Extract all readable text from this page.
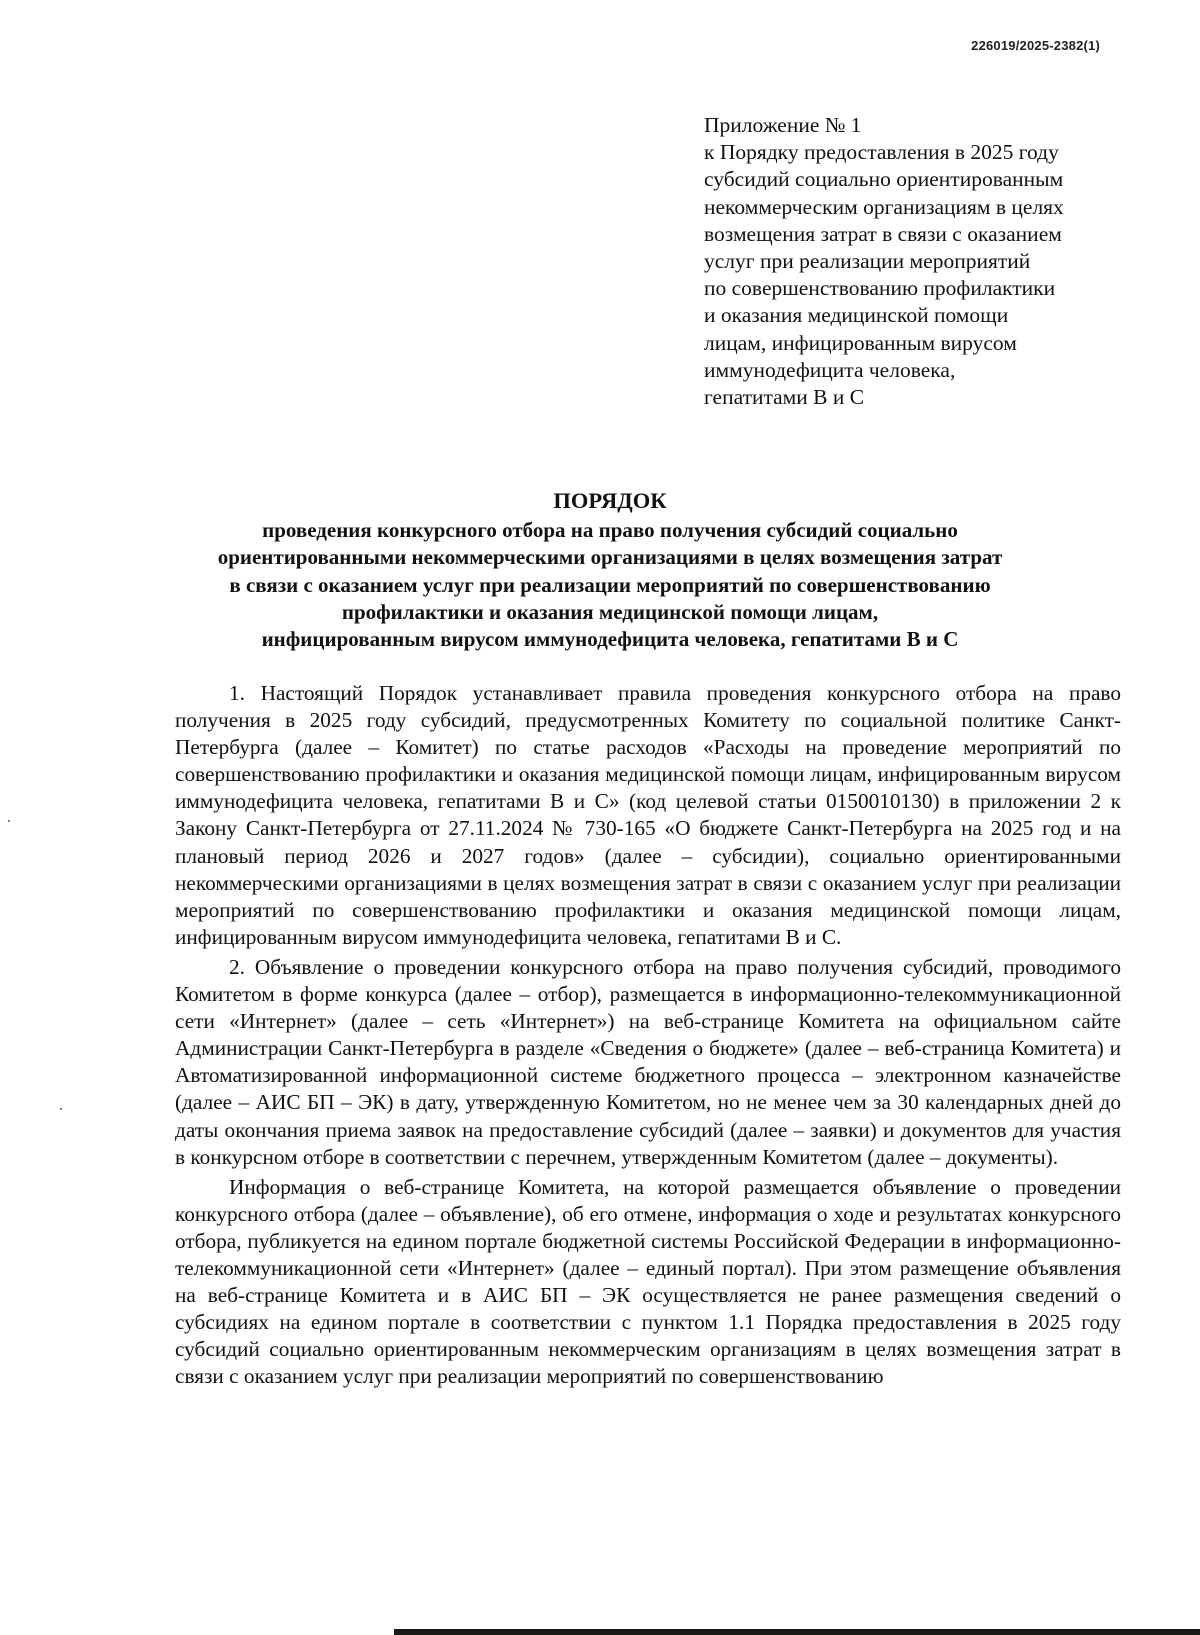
226019/2025-2382(1)
Приложение № 1
к Порядку предоставления в 2025 году
субсидий социально ориентированным
некоммерческим организациям в целях
возмещения затрат в связи с оказанием
услуг при реализации мероприятий
по совершенствованию профилактики
и оказания медицинской помощи
лицам, инфицированным вирусом
иммунодефицита человека,
гепатитами В и С
ПОРЯДОК
проведения конкурсного отбора на право получения субсидий социально
ориентированными некоммерческими организациями в целях возмещения затрат
в связи с оказанием услуг при реализации мероприятий по совершенствованию
профилактики и оказания медицинской помощи лицам,
инфицированным вирусом иммунодефицита человека, гепатитами В и С

1. Настоящий Порядок устанавливает правила проведения конкурсного отбора на право получения в 2025 году субсидий, предусмотренных Комитету по социальной политике Санкт-Петербурга (далее – Комитет) по статье расходов «Расходы на проведение мероприятий по совершенствованию профилактики и оказания медицинской помощи лицам, инфицированным вирусом иммунодефицита человека, гепатитами В и С» (код целевой статьи 0150010130) в приложении 2 к Закону Санкт-Петербурга от 27.11.2024 № 730-165 «О бюджете Санкт-Петербурга на 2025 год и на плановый период 2026 и 2027 годов» (далее – субсидии), социально ориентированными некоммерческими организациями в целях возмещения затрат в связи с оказанием услуг при реализации мероприятий по совершенствованию профилактики и оказания медицинской помощи лицам, инфицированным вирусом иммунодефицита человека, гепатитами В и С.

2. Объявление о проведении конкурсного отбора на право получения субсидий, проводимого Комитетом в форме конкурса (далее – отбор), размещается в информационно-телекоммуникационной сети «Интернет» (далее – сеть «Интернет») на веб-странице Комитета на официальном сайте Администрации Санкт-Петербурга в разделе «Сведения о бюджете» (далее – веб-страница Комитета) и Автоматизированной информационной системе бюджетного процесса – электронном казначействе (далее – АИС БП – ЭК) в дату, утвержденную Комитетом, но не менее чем за 30 календарных дней до даты окончания приема заявок на предоставление субсидий (далее – заявки) и документов для участия в конкурсном отборе в соответствии с перечнем, утвержденным Комитетом (далее – документы).

Информация о веб-странице Комитета, на которой размещается объявление о проведении конкурсного отбора (далее – объявление), об его отмене, информация о ходе и результатах конкурсного отбора, публикуется на едином портале бюджетной системы Российской Федерации в информационно-телекоммуникационной сети «Интернет» (далее – единый портал). При этом размещение объявления на веб-странице Комитета и в АИС БП – ЭК осуществляется не ранее размещения сведений о субсидиях на едином портале в соответствии с пунктом 1.1 Порядка предоставления в 2025 году субсидий социально ориентированным некоммерческим организациям в целях возмещения затрат в связи с оказанием услуг при реализации мероприятий по совершенствованию
